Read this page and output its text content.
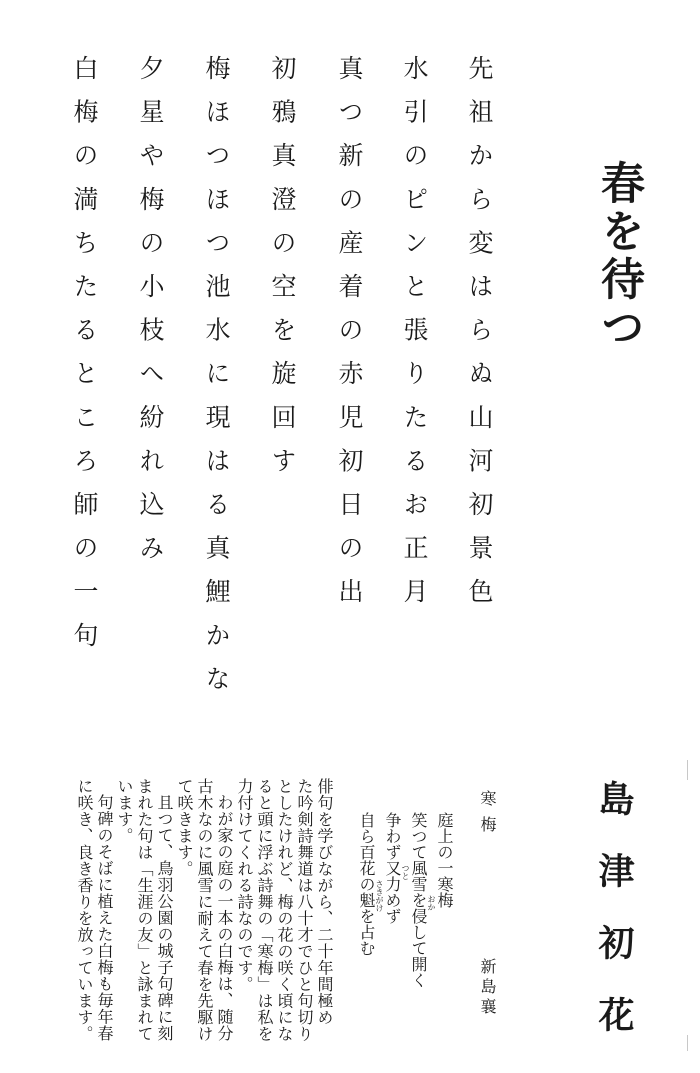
春を待つ
先祖から変はらぬ山河初景色
水引のピンと張りたるお正月
真つ新の産着の赤児初日の出
初鴉真澄の空を旋回す
梅ほつほつ池水に現はる真鯉かな
夕星や梅の小枝へ紛れ込み
白梅の満ちたるところ師の一句
島津初花
寒梅
庭上の一寒梅
笑つて風雪を侵して開く
争わず又力めず
自ら百花の魁を占む	おか
つと
さきがけ
新島襄
俳句を学びながら、二十年間極め
た吟剣詩舞道は八十才でひと句切り
としたけれど、梅の花の咲く頃にな
ると頭に浮ぶ詩舞の「寒梅」は私を
力付けてくれる詩なのです。
わが家の庭の一本の白梅は、随分
古木なのに風雪に耐えて春を先駆け
て咲きます。
且つて、鳥羽公園の城子句碑に刻
まれた句は「生涯の友」と詠まれて
います。
句碑のそばに植えた白梅も毎年春
に咲き、良き香りを放っています。
